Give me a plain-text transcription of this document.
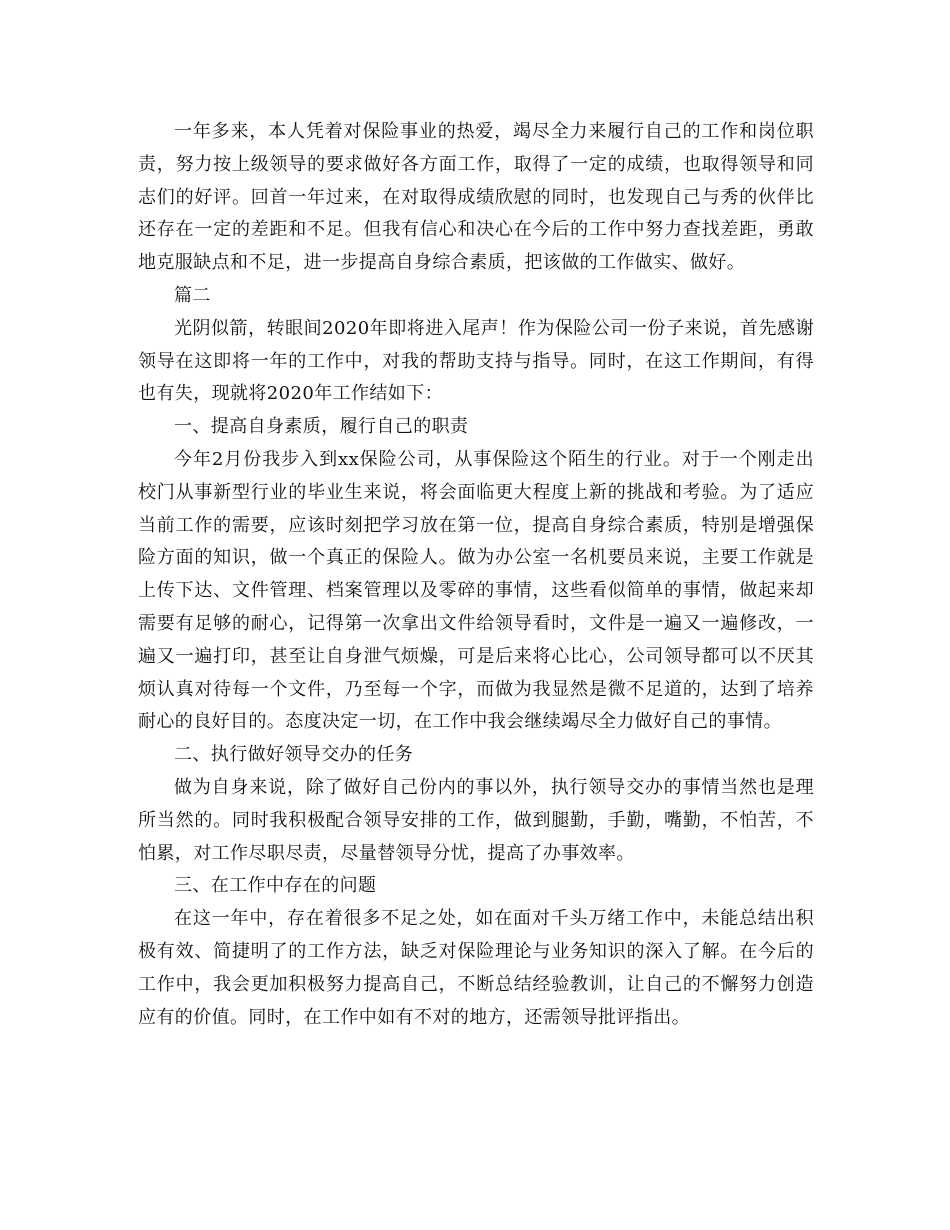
一年多来，本人凭着对保险事业的热爱，竭尽全力来履行自己的工作和岗位职责，努力按上级领导的要求做好各方面工作，取得了一定的成绩，也取得领导和同志们的好评。回首一年过来，在对取得成绩欣慰的同时，也发现自己与秀的伙伴比还存在一定的差距和不足。但我有信心和决心在今后的工作中努力查找差距，勇敢地克服缺点和不足，进一步提高自身综合素质，把该做的工作做实、做好。

篇二

光阴似箭，转眼间2020年即将进入尾声！作为保险公司一份子来说，首先感谢领导在这即将一年的工作中，对我的帮助支持与指导。同时，在这工作期间，有得也有失，现就将2020年工作结如下：

一、提高自身素质，履行自己的职责

今年2月份我步入到xx保险公司，从事保险这个陌生的行业。对于一个刚走出校门从事新型行业的毕业生来说，将会面临更大程度上新的挑战和考验。为了适应当前工作的需要，应该时刻把学习放在第一位，提高自身综合素质，特别是增强保险方面的知识，做一个真正的保险人。做为办公室一名机要员来说，主要工作就是上传下达、文件管理、档案管理以及零碎的事情，这些看似简单的事情，做起来却需要有足够的耐心，记得第一次拿出文件给领导看时，文件是一遍又一遍修改，一遍又一遍打印，甚至让自身泄气烦燥，可是后来将心比心，公司领导都可以不厌其烦认真对待每一个文件，乃至每一个字，而做为我显然是微不足道的，达到了培养耐心的良好目的。态度决定一切，在工作中我会继续竭尽全力做好自己的事情。

二、执行做好领导交办的任务

做为自身来说，除了做好自己份内的事以外，执行领导交办的事情当然也是理所当然的。同时我积极配合领导安排的工作，做到腿勤，手勤，嘴勤，不怕苦，不怕累，对工作尽职尽责，尽量替领导分忧，提高了办事效率。

三、在工作中存在的问题

在这一年中，存在着很多不足之处，如在面对千头万绪工作中，未能总结出积极有效、简捷明了的工作方法，缺乏对保险理论与业务知识的深入了解。在今后的工作中，我会更加积极努力提高自己，不断总结经验教训，让自己的不懈努力创造应有的价值。同时，在工作中如有不对的地方，还需领导批评指出。
